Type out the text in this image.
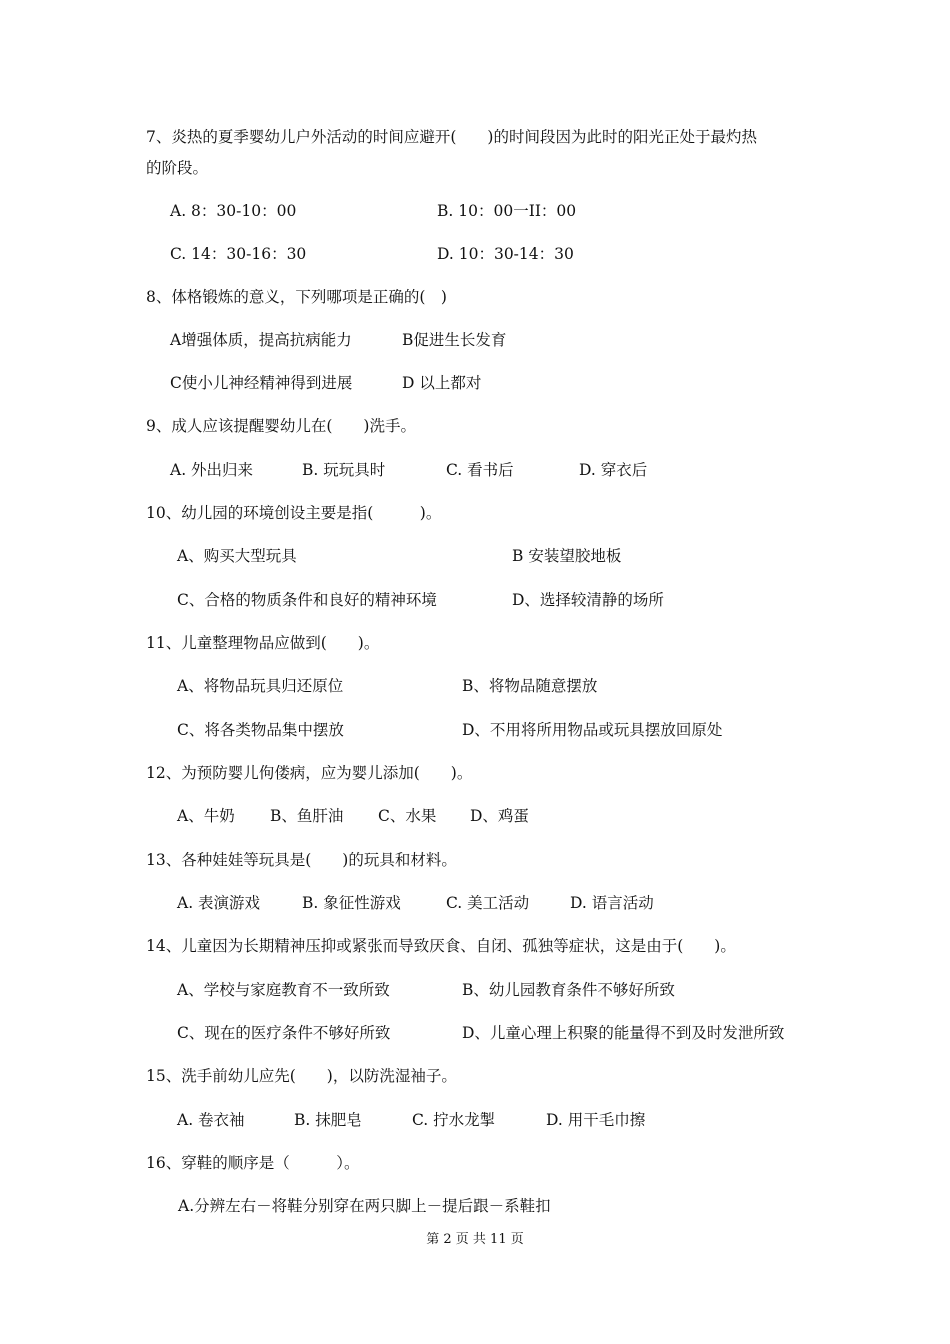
7、炎热的夏季婴幼儿户外活动的时间应避开(　　)的时间段因为此时的阳光正处于最灼热
的阶段。
A. 8：30-10：00	B. 10：00一II：00
C. 14：30-16：30	D. 10：30-14：30
8、体格锻炼的意义，下列哪项是正确的(　)
A增强体质，提高抗病能力	B促进生长发育
C使小儿神经精神得到进展	D 以上都对
9、成人应该提醒婴幼儿在(　　)洗手。
A. 外出归来	B. 玩玩具时	C. 看书后	D. 穿衣后
10、幼儿园的环境创设主要是指(　　　)。
A、购买大型玩具	B 安装望胶地板
C、合格的物质条件和良好的精神环境	D、选择较清静的场所
11、儿童整理物品应做到(　　)。
A、将物品玩具归还原位	B、将物品随意摆放
C、将各类物品集中摆放	D、不用将所用物品或玩具摆放回原处
12、为预防婴儿佝偻病，应为婴儿添加(　　)。
A、牛奶 B、鱼肝油 C、水果 D、鸡蛋
13、各种娃娃等玩具是(　　)的玩具和材料。
A. 表演游戏	B. 象征性游戏	C. 美工活动	D. 语言活动
14、儿童因为长期精神压抑或紧张而导致厌食、自闭、孤独等症状，这是由于(　　)。
A、学校与家庭教育不一致所致	B、幼儿园教育条件不够好所致
C、现在的医疗条件不够好所致	D、儿童心理上积聚的能量得不到及时发泄所致
15、洗手前幼儿应先(　　)，以防洗湿袖子。
A. 卷衣袖	B. 抹肥皂	C. 拧水龙掣	D. 用干毛巾擦
16、穿鞋的顺序是（　　　）。
A.分辨左右－将鞋分别穿在两只脚上－提后跟－系鞋扣
第 2 页 共 11 页
